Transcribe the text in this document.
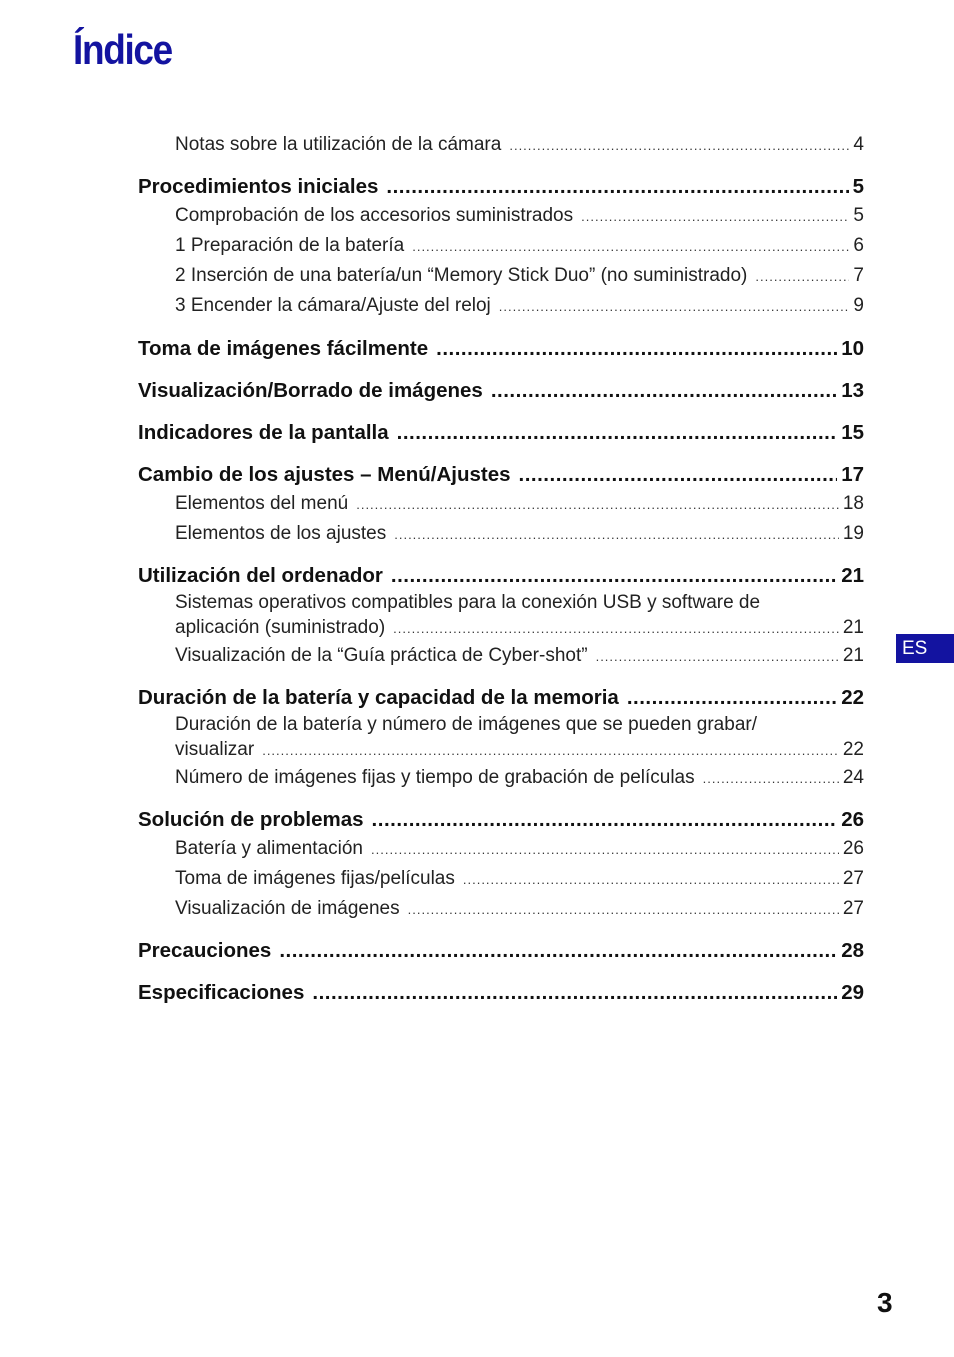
Índice
Notas sobre la utilización de la cámara .....	4
Procedimientos iniciales .....	5
Comprobación de los accesorios suministrados .....	5
1 Preparación de la batería .....	6
2 Inserción de una batería/un “Memory Stick Duo” (no suministrado) .....	7
3 Encender la cámara/Ajuste del reloj .....	9
Toma de imágenes fácilmente .....	10
Visualización/Borrado de imágenes .....	13
Indicadores de la pantalla .....	15
Cambio de los ajustes – Menú/Ajustes .....	17
Elementos del menú .....	18
Elementos de los ajustes .....	19
Utilización del ordenador .....	21
Sistemas operativos compatibles para la conexión USB y software de
aplicación (suministrado) .....	21
Visualización de la “Guía práctica de Cyber-shot” .....	21
Duración de la batería y capacidad de la memoria .....	22
Duración de la batería y número de imágenes que se pueden grabar/
visualizar .....	22
Número de imágenes fijas y tiempo de grabación de películas .....	24
Solución de problemas .....	26
Batería y alimentación .....	26
Toma de imágenes fijas/películas .....	27
Visualización de imágenes .....	27
Precauciones .....	28
Especificaciones .....	29
ES
3
